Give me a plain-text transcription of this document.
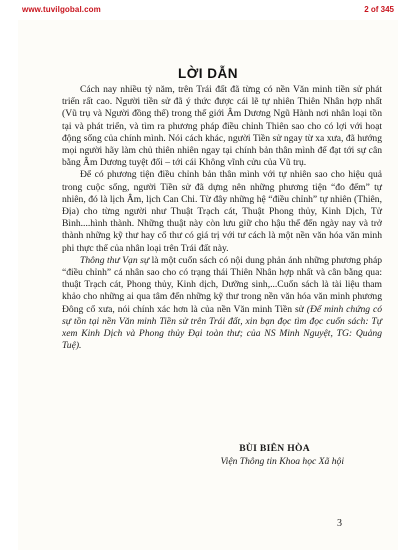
www.tuvilgobal.com	2 of 345
LỜI DẪN

Cách nay nhiều tỷ năm, trên Trái đất đã từng có nền Văn minh tiền sử phát triển rất cao. Người tiền sử đã ý thức được cái lẽ tự nhiên Thiên Nhân hợp nhất (Vũ trụ và Người đồng thể) trong thế giới Âm Dương Ngũ Hành nơi nhân loại tồn tại và phát triển, và tìm ra phương pháp điều chỉnh Thiên sao cho có lợi với hoạt động sống của chính mình. Nói cách khác, người Tiền sử ngay từ xa xưa, đã hướng mọi người hãy làm chủ thiên nhiên ngay tại chính bản thân mình để đạt tới sự cân bằng Âm Dương tuyệt đối – tới cái Không vĩnh cửu của Vũ trụ.

Để có phương tiện điều chỉnh bản thân mình với tự nhiên sao cho hiệu quả trong cuộc sống, người Tiền sử đã dựng nên những phương tiện “đo đếm” tự nhiên, đó là lịch Âm, lịch Can Chi. Từ đây những hệ “điều chỉnh” tự nhiên (Thiên, Địa) cho từng người như Thuật Trạch cát, Thuật Phong thủy, Kinh Dịch, Tử Bình....hình thành. Những thuật này còn lưu giữ cho hậu thế đến ngày nay và trở thành những kỹ thư hay cổ thư có giá trị với tư cách là một nền văn hóa văn minh phi thực thể của nhân loại trên Trái đất này.

Thông thư Vạn sự là một cuốn sách có nội dung phản ánh những phương pháp “điều chỉnh” cá nhân sao cho có trạng thái Thiên Nhân hợp nhất và cân bằng qua: thuật Trạch cát, Phong thủy, Kinh dịch, Dưỡng sinh,...Cuốn sách là tài liệu tham khảo cho những ai qua tâm đến những kỹ thư trong nền văn hóa văn minh phương Đông cổ xưa, nói chính xác hơn là của nền Văn minh Tiền sử (Để minh chứng có sự tồn tại nền Văn minh Tiền sử trên Trái đất, xin bạn đọc tìm đọc cuốn sách: Tự xem Kinh Dịch và Phong thủy Đại toàn thư; của NS Minh Nguyệt, TG: Quảng Tuệ).

BÙI BIÊN HÒA
Viện Thông tin Khoa học Xã hội
3
